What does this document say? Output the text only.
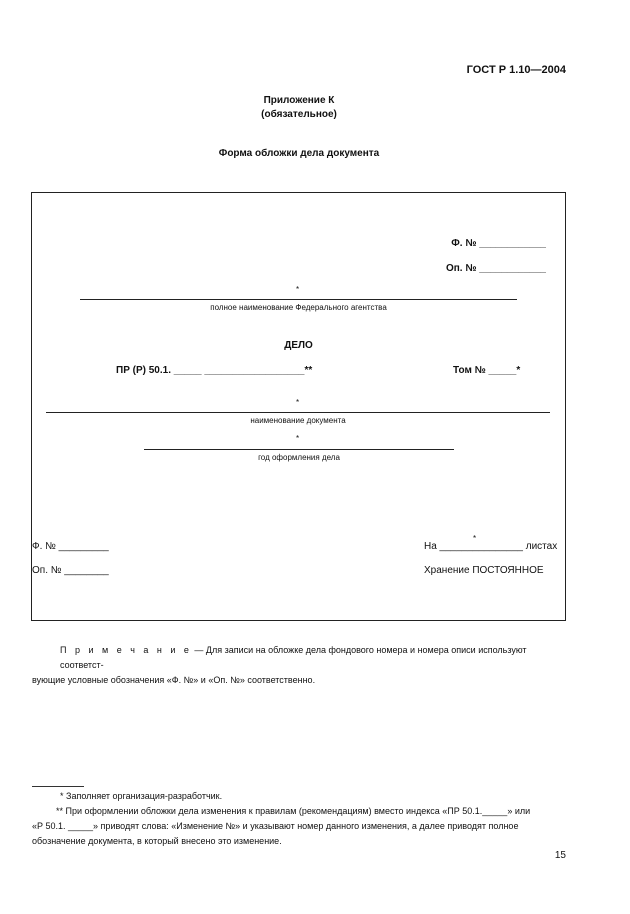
ГОСТ Р 1.10—2004
Приложение К
(обязательное)
Форма обложки дела документа
Ф. № ____________
Оп. № ____________
*
полное наименование Федерального агентства
ДЕЛО
ПР (Р) 50.1. _____ __________________**	Том № _____*
*
наименование документа
*
год оформления дела
Ф. № _________
*
На _______________ листах
Оп. № ________	Хранение ПОСТОЯННОЕ
П р и м е ч а н и е — Для записи на обложке дела фондового номера и номера описи используют соответст-
вующие условные обозначения «Ф. №» и «Оп. №» соответственно.
* Заполняет организация-разработчик.
** При оформлении обложки дела изменения к правилам (рекомендациям) вместо индекса «ПР 50.1._____» или
«Р 50.1. _____» приводят слова: «Изменение №» и указывают номер данного изменения, а далее приводят полное
обозначение документа, в который внесено это изменение.
15
